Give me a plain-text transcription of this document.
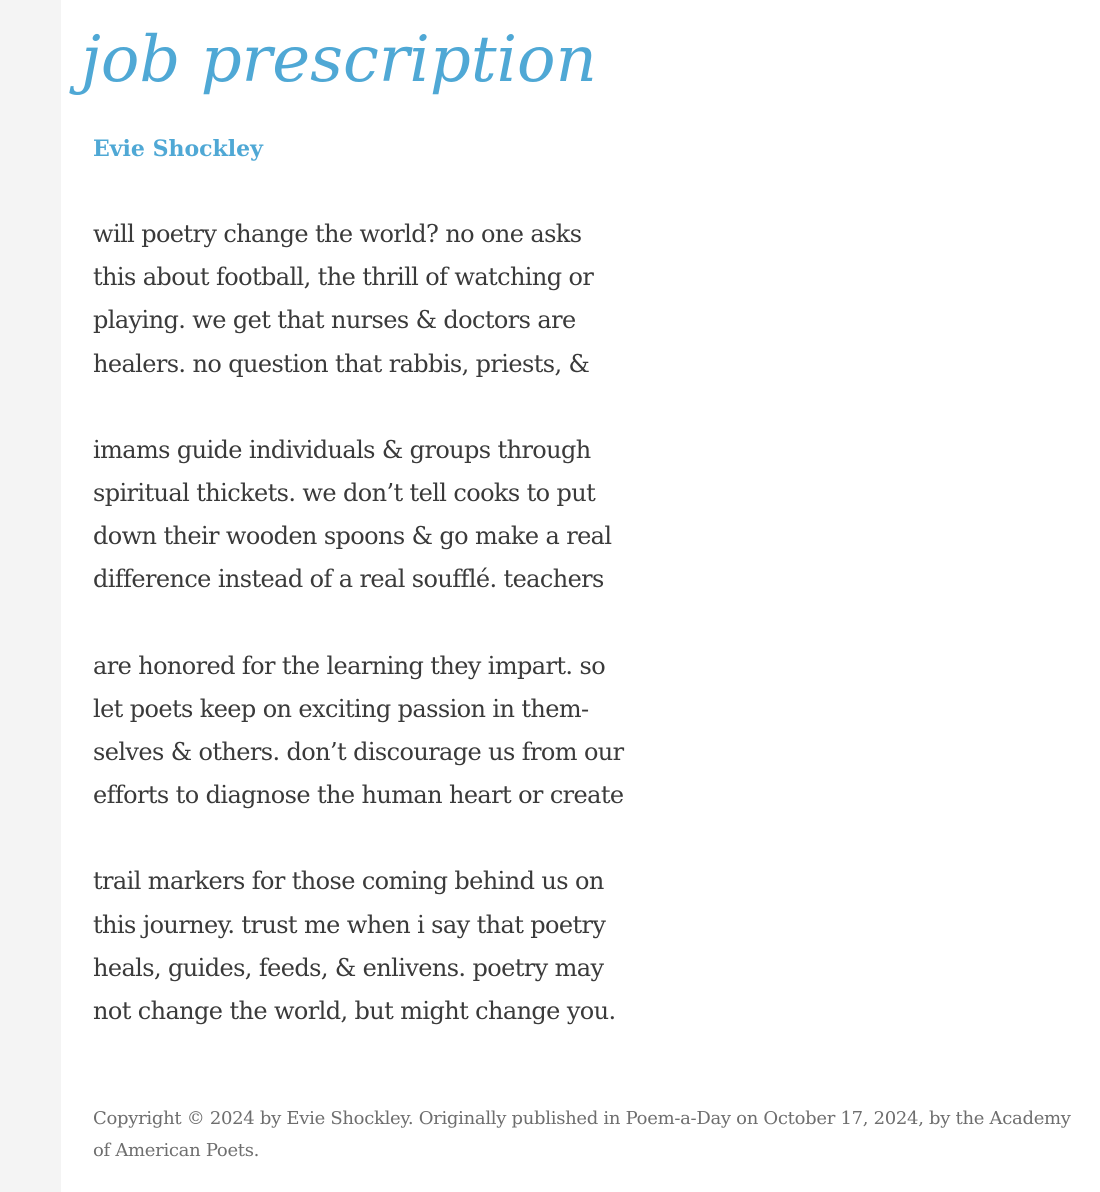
job prescription
Evie Shockley
will poetry change the world? no one asks
this about football, the thrill of watching or
playing. we get that nurses & doctors are
healers. no question that rabbis, priests, &
imams guide individuals & groups through
spiritual thickets. we don’t tell cooks to put
down their wooden spoons & go make a real
difference instead of a real soufflé. teachers
are honored for the learning they impart. so
let poets keep on exciting passion in them-
selves & others. don’t discourage us from our
efforts to diagnose the human heart or create
trail markers for those coming behind us on
this journey. trust me when i say that poetry
heals, guides, feeds, & enlivens. poetry may
not change the world, but might change you.

Copyright © 2024 by Evie Shockley. Originally published in Poem-a-Day on October 17, 2024, by the Academy of American Poets.
